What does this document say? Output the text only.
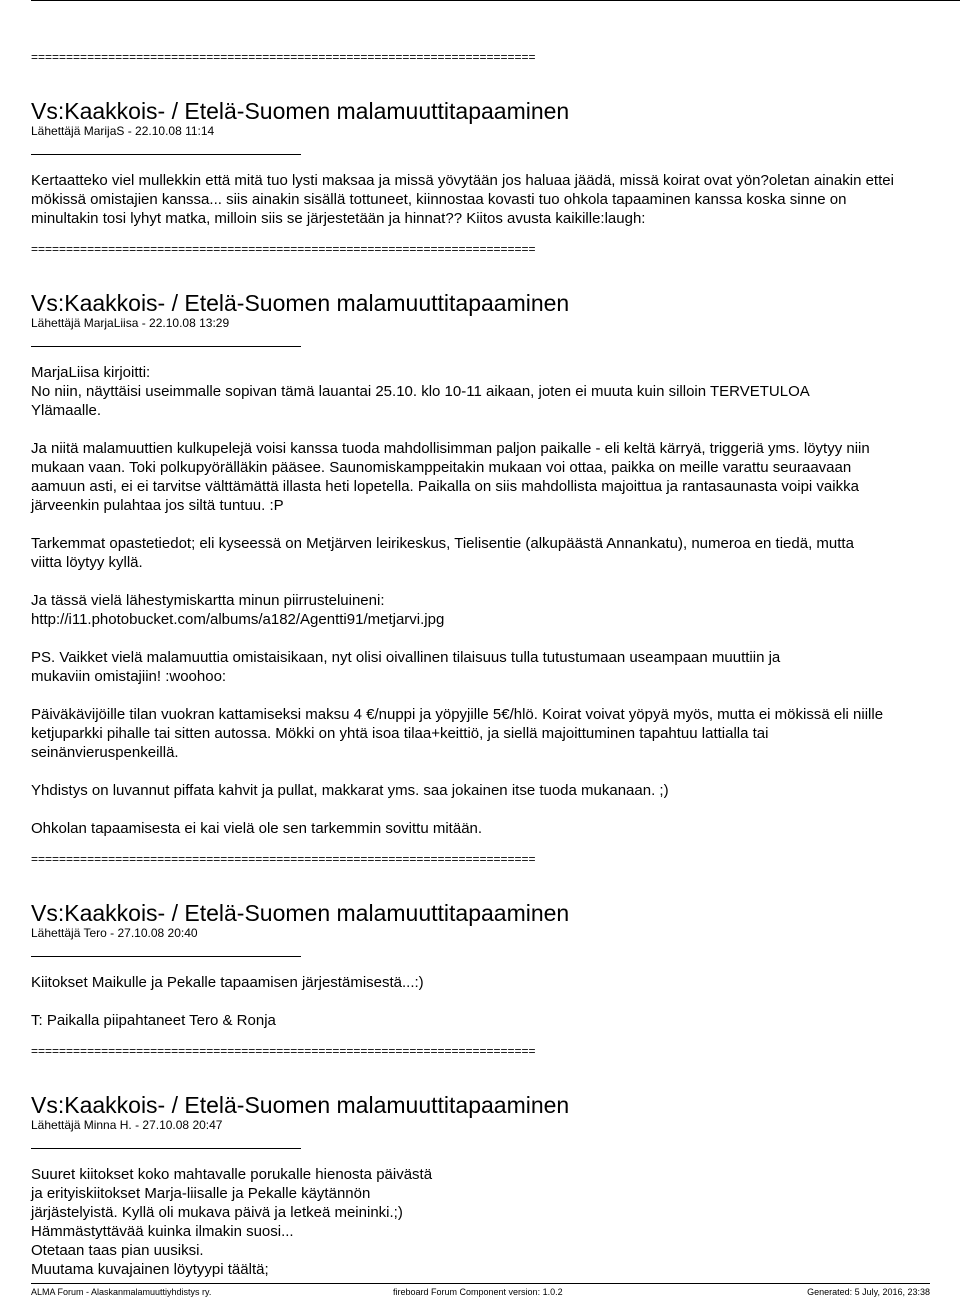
========================================================================
Vs:Kaakkois- / Etelä-Suomen malamuuttitapaaminen
Lähettäjä MarijaS - 22.10.08 11:14

Kertaatteko viel mullekkin että mitä tuo lysti maksaa ja missä yövytään jos haluaa jäädä, missä koirat ovat yön?oletan ainakin ettei
mökissä omistajien kanssa... siis ainakin sisällä tottuneet, kiinnostaa kovasti tuo ohkola tapaaminen kanssa koska sinne on
minultakin tosi lyhyt matka, milloin siis se järjestetään ja hinnat?? Kiitos avusta kaikille:laugh:

========================================================================
Vs:Kaakkois- / Etelä-Suomen malamuuttitapaaminen
Lähettäjä MarjaLiisa - 22.10.08 13:29

MarjaLiisa kirjoitti:
No niin, näyttäisi useimmalle sopivan tämä lauantai 25.10. klo 10-11 aikaan, joten ei muuta kuin silloin TERVETULOA
Ylämaalle.

Ja niitä malamuuttien kulkupelejä voisi kanssa tuoda mahdollisimman paljon paikalle - eli keltä kärryä, triggeriä yms. löytyy niin
mukaan vaan. Toki polkupyörälläkin pääsee. Saunomiskamppeitakin mukaan voi ottaa, paikka on meille varattu seuraavaan
aamuun asti, ei ei tarvitse välttämättä illasta heti lopetella. Paikalla on siis mahdollista majoittua ja rantasaunasta voipi vaikka
järveenkin pulahtaa jos siltä tuntuu. :P

Tarkemmat opastetiedot; eli kyseessä on Metjärven leirikeskus, Tielisentie (alkupäästä Annankatu), numeroa en tiedä, mutta
viitta löytyy kyllä.

Ja tässä vielä lähestymiskartta minun piirrusteluineni:
http://i11.photobucket.com/albums/a182/Agentti91/metjarvi.jpg

PS. Vaikket vielä malamuuttia omistaisikaan, nyt olisi oivallinen tilaisuus tulla tutustumaan useampaan muuttiin ja
mukaviin omistajiin! :woohoo:

Päiväkävijöille tilan vuokran kattamiseksi maksu 4 €/nuppi ja yöpyjille 5€/hlö. Koirat voivat yöpyä myös, mutta ei mökissä eli niille
ketjuparkki pihalle tai sitten autossa. Mökki on yhtä isoa tilaa+keittiö, ja siellä majoittuminen tapahtuu lattialla tai
seinänvieruspenkeillä.

Yhdistys on luvannut piffata kahvit ja pullat, makkarat yms. saa jokainen itse tuoda mukanaan. ;)

Ohkolan tapaamisesta ei kai vielä ole sen tarkemmin sovittu mitään.

========================================================================
Vs:Kaakkois- / Etelä-Suomen malamuuttitapaaminen
Lähettäjä Tero - 27.10.08 20:40

Kiitokset Maikulle ja Pekalle tapaamisen järjestämisestä...:)

T: Paikalla piipahtaneet Tero & Ronja

========================================================================
Vs:Kaakkois- / Etelä-Suomen malamuuttitapaaminen
Lähettäjä Minna H. - 27.10.08 20:47

Suuret kiitokset koko mahtavalle porukalle hienosta päivästä
ja erityiskiitokset Marja-liisalle ja Pekalle käytännön
järjästelyistä. Kyllä oli mukava päivä ja letkeä meininki.;)
Hämmästyttävää kuinka ilmakin suosi...
Otetaan taas pian uusiksi.
Muutama kuvajainen löytyypi täältä;

ALMA Forum - Alaskanmalamuuttiyhdistys ry.	fireboard Forum Component version: 1.0.2	Generated: 5 July, 2016, 23:38
